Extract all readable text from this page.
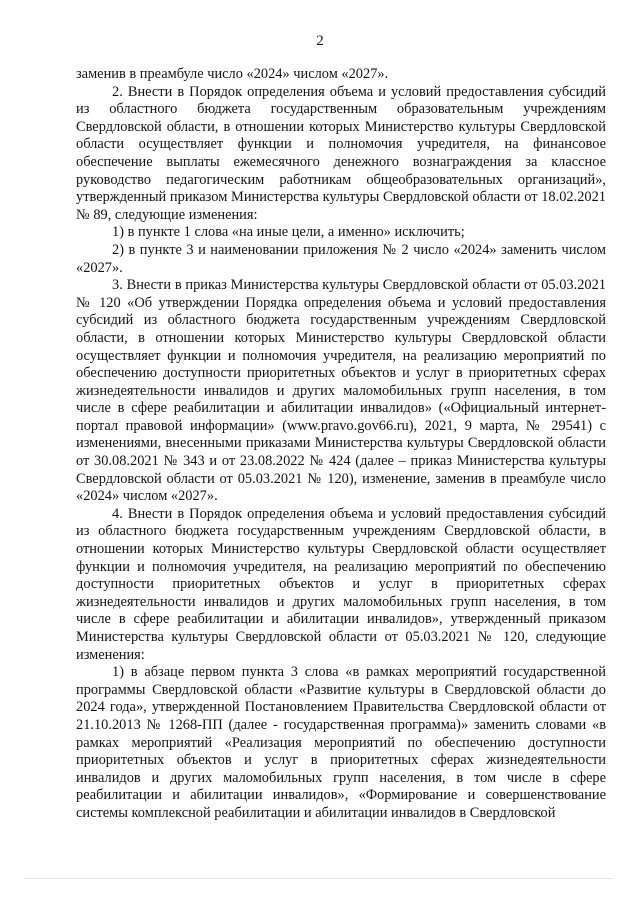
2

заменив в преамбуле число «2024» числом «2027».

2. Внести в Порядок определения объема и условий предоставления субсидий из областного бюджета государственным образовательным учреждениям Свердловской области, в отношении которых Министерство культуры Свердловской области осуществляет функции и полномочия учредителя, на финансовое обеспечение выплаты ежемесячного денежного вознаграждения за классное руководство педагогическим работникам общеобразовательных организаций», утвержденный приказом Министерства культуры Свердловской области от 18.02.2021 № 89, следующие изменения:

1) в пункте 1 слова «на иные цели, а именно» исключить;

2) в пункте 3 и наименовании приложения № 2 число «2024» заменить числом «2027».

3. Внести в приказ Министерства культуры Свердловской области от 05.03.2021 № 120 «Об утверждении Порядка определения объема и условий предоставления субсидий из областного бюджета государственным учреждениям Свердловской области, в отношении которых Министерство культуры Свердловской области осуществляет функции и полномочия учредителя, на реализацию мероприятий по обеспечению доступности приоритетных объектов и услуг в приоритетных сферах жизнедеятельности инвалидов и других маломобильных групп населения, в том числе в сфере реабилитации и абилитации инвалидов» («Официальный интернет-портал правовой информации» (www.pravo.gov66.ru), 2021, 9 марта, № 29541) с изменениями, внесенными приказами Министерства культуры Свердловской области от 30.08.2021 № 343 и от 23.08.2022 № 424 (далее – приказ Министерства культуры Свердловской области от 05.03.2021 № 120), изменение, заменив в преамбуле число «2024» числом «2027».

4. Внести в Порядок определения объема и условий предоставления субсидий из областного бюджета государственным учреждениям Свердловской области, в отношении которых Министерство культуры Свердловской области осуществляет функции и полномочия учредителя, на реализацию мероприятий по обеспечению доступности приоритетных объектов и услуг в приоритетных сферах жизнедеятельности инвалидов и других маломобильных групп населения, в том числе в сфере реабилитации и абилитации инвалидов», утвержденный приказом Министерства культуры Свердловской области от 05.03.2021 № 120, следующие изменения:

1) в абзаце первом пункта 3 слова «в рамках мероприятий государственной программы Свердловской области «Развитие культуры в Свердловской области до 2024 года», утвержденной Постановлением Правительства Свердловской области от 21.10.2013 № 1268-ПП (далее - государственная программа)» заменить словами «в рамках мероприятий «Реализация мероприятий по обеспечению доступности приоритетных объектов и услуг в приоритетных сферах жизнедеятельности инвалидов и других маломобильных групп населения, в том числе в сфере реабилитации и абилитации инвалидов», «Формирование и совершенствование системы комплексной реабилитации и абилитации инвалидов в Свердловской
